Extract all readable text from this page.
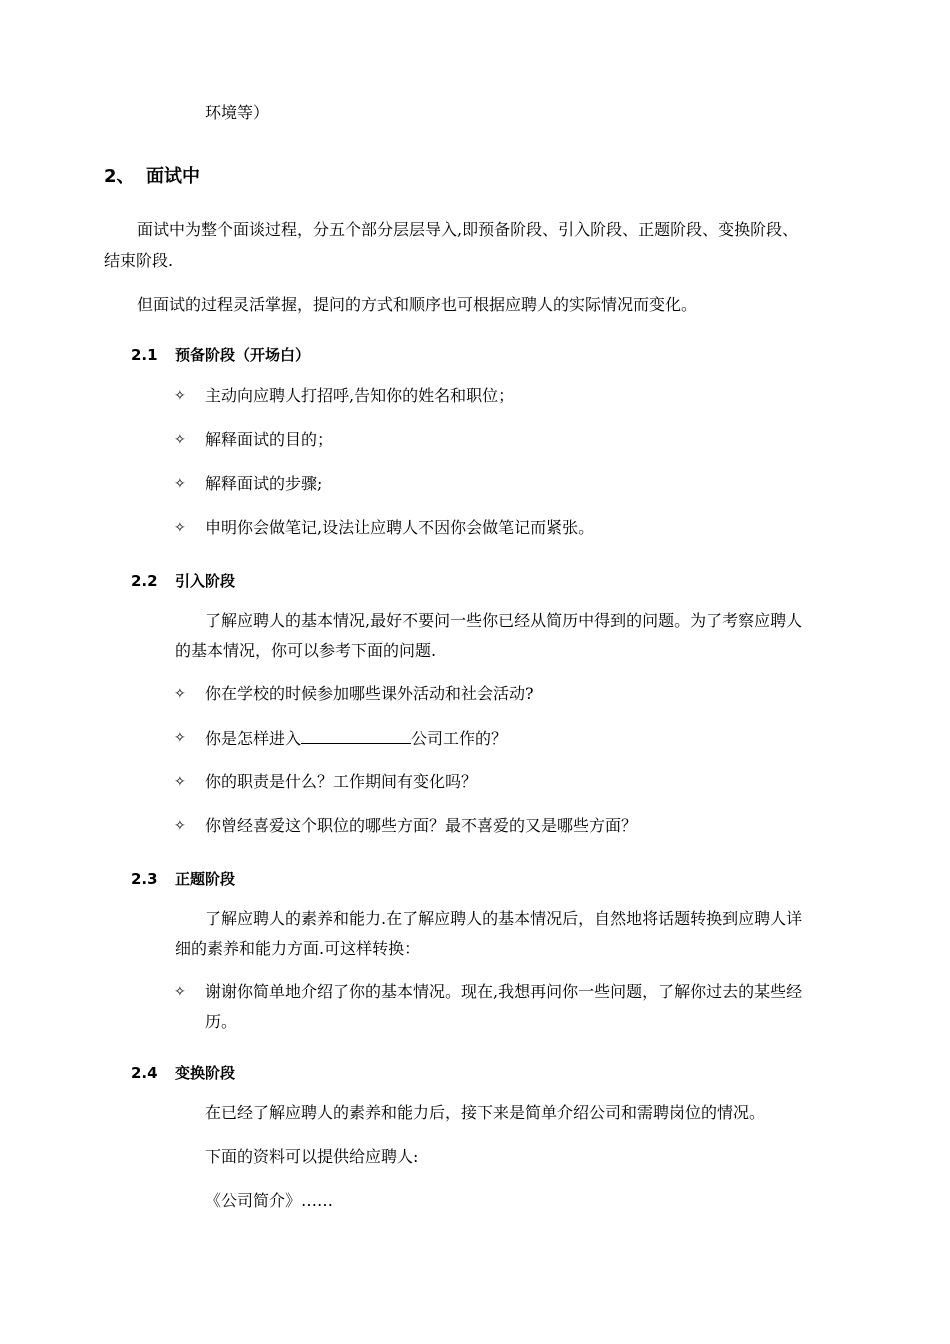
环境等）
2、 面试中
面试中为整个面谈过程，分五个部分层层导入,即预备阶段、引入阶段、正题阶段、变换阶段、
结束阶段.
但面试的过程灵活掌握，提问的方式和顺序也可根据应聘人的实际情况而变化。
2.1 预备阶段（开场白）
✧ 主动向应聘人打招呼,告知你的姓名和职位；
✧ 解释面试的目的；
✧ 解释面试的步骤;
✧ 申明你会做笔记,设法让应聘人不因你会做笔记而紧张。
2.2 引入阶段
了解应聘人的基本情况,最好不要问一些你已经从简历中得到的问题。为了考察应聘人
的基本情况，你可以参考下面的问题.
✧ 你在学校的时候参加哪些课外活动和社会活动?
✧ 你是怎样进入	公司工作的？
✧ 你的职责是什么？工作期间有变化吗？
✧ 你曾经喜爱这个职位的哪些方面？最不喜爱的又是哪些方面？
2.3 正题阶段
了解应聘人的素养和能力.在了解应聘人的基本情况后，自然地将话题转换到应聘人详
细的素养和能力方面.可这样转换：
✧ 谢谢你简单地介绍了你的基本情况。现在,我想再问你一些问题，了解你过去的某些经
历。
2.4 变换阶段
在已经了解应聘人的素养和能力后，接下来是简单介绍公司和需聘岗位的情况。
下面的资料可以提供给应聘人:
《公司简介》……
